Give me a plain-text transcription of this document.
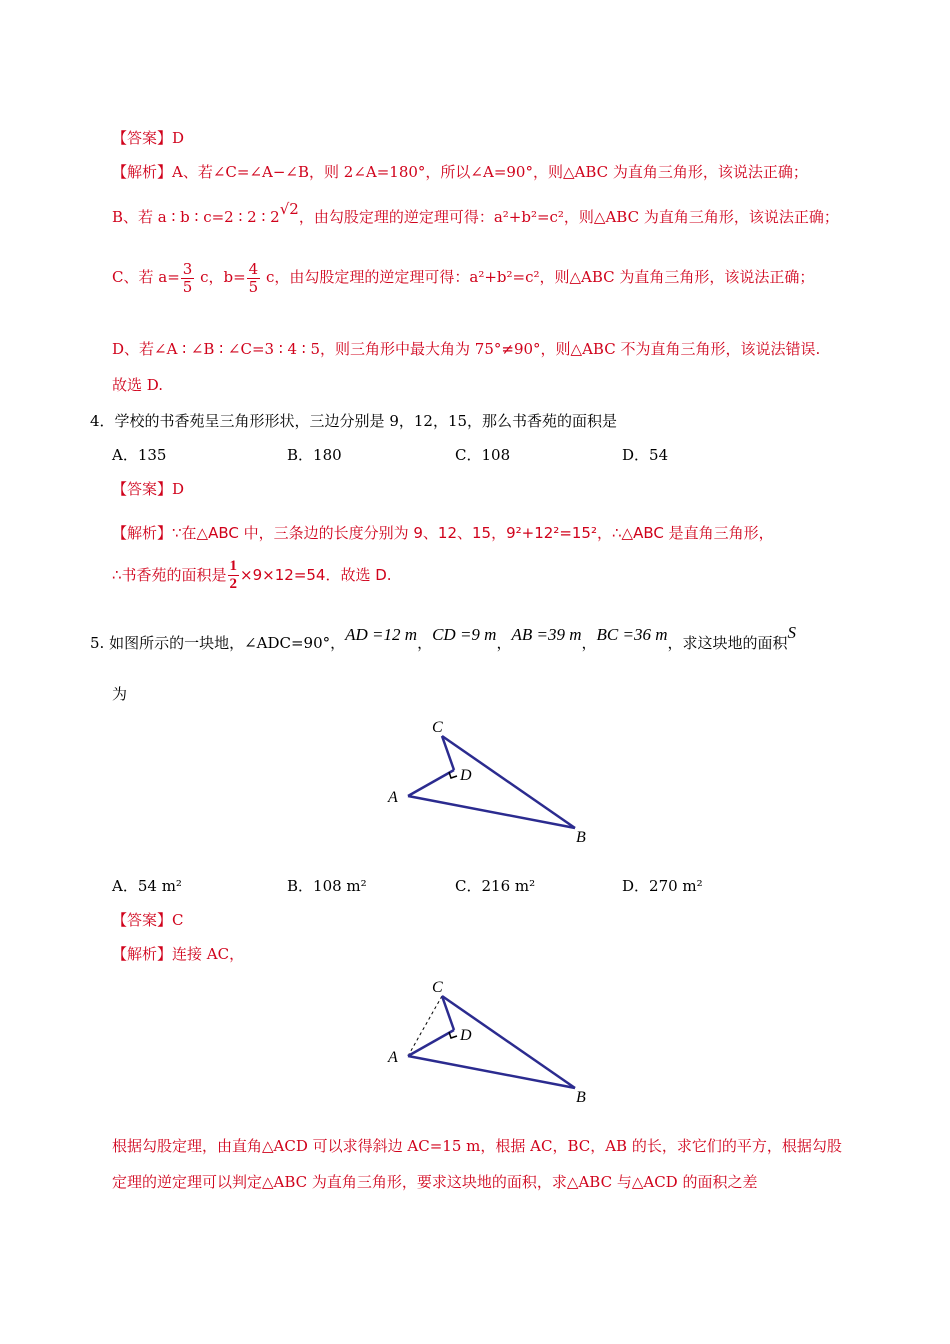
【答案】D
【解析】A、若∠C=∠A−∠B，则 2∠A=180°，所以∠A=90°，则△ABC 为直角三角形，该说法正确；
B、若 a ∶ b ∶ c=2 ∶ 2 ∶ 2√2，由勾股定理的逆定理可得：a²+b²=c²，则△ABC 为直角三角形，该说法正确；
C、若 $a= \frac{3}{5}$ c，$b= \frac{4}{5}$ c，由勾股定理的逆定理可得：a²+b²=c²，则△ABC 为直角三角形，该说法正确；
D、若∠A ∶ ∠B ∶ ∠C=3 ∶ 4 ∶ 5，则三角形中最大角为 75°≠90°，则△ABC 不为直角三角形，该说法错误.
故选 D.
4．学校的书香苑呈三角形形状，三边分别是 9，12，15，那么书香苑的面积是
A．135	B．180	C．108	D．54
【答案】D
【解析】∵在△ABC 中，三条边的长度分别为 9、12、15，9²+12²=15²，∴△ABC 是直角三角形，
∴书香苑的面积是 $\frac{1}{2} \times 9\times 12=54$．故选 D.
5. 如图所示的一块地，∠ADC=90°，AD =12 m，CD =9 m，AB =39 m，BC =36 m，求这块地的面积S
为
C
D
A
B
A．54 m²	B．108 m²	C．216 m²	D．270 m²
【答案】C
【解析】连接 AC，
C
D
A
B
根据勾股定理，由直角△ACD 可以求得斜边 AC=15 m，根据 AC，BC，AB 的长，求它们的平方，根据勾股
定理的逆定理可以判定△ABC 为直角三角形，要求这块地的面积，求△ABC 与△ACD 的面积之差
